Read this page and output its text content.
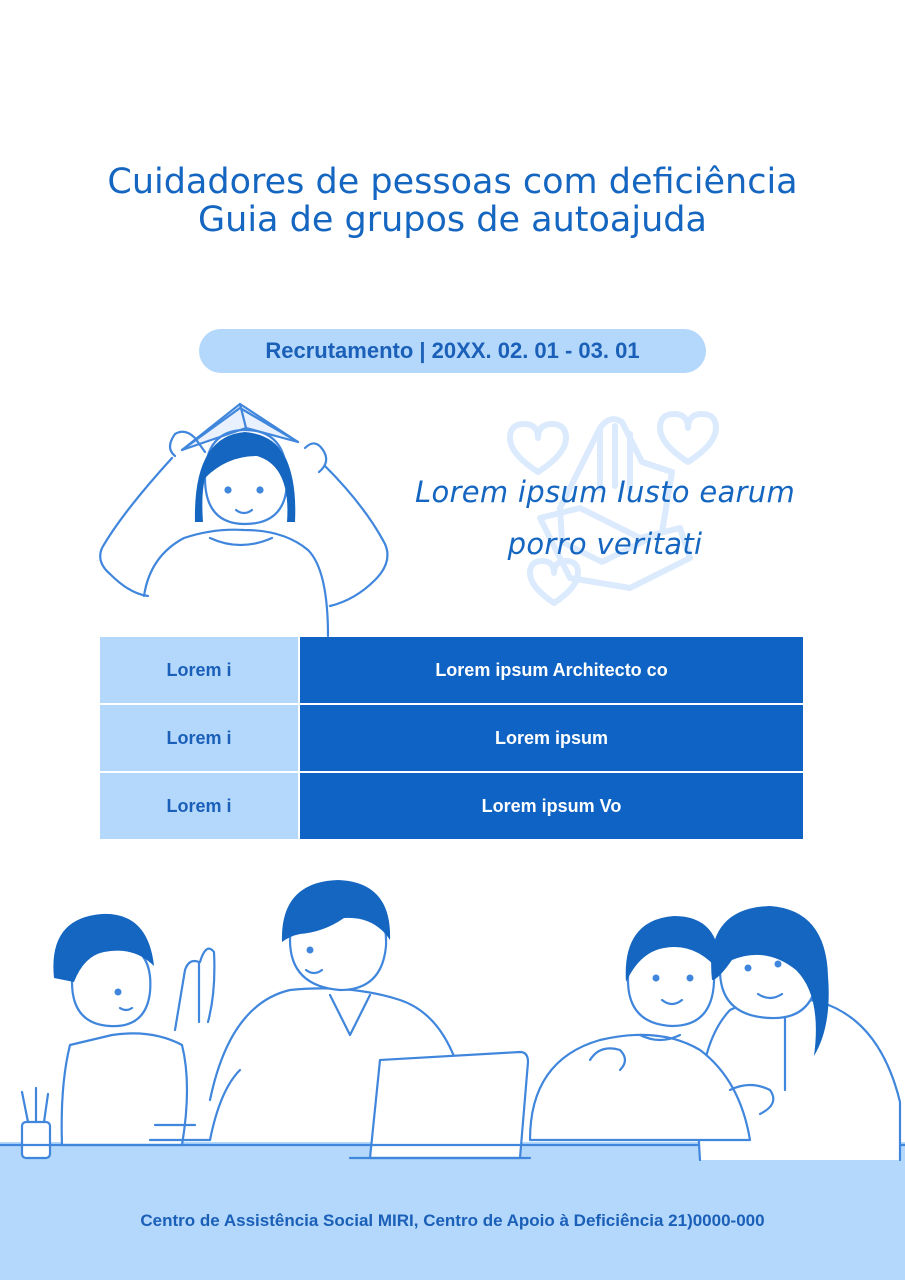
Cuidadores de pessoas com deficiência
Guia de grupos de autoajuda
Recrutamento | 20XX. 02. 01 - 03. 01
Lorem ipsum Iusto earum
porro veritati
Lorem i	Lorem ipsum Architecto co
Lorem i	Lorem ipsum
Lorem i	Lorem ipsum Vo
Centro de Assistência Social MIRI, Centro de Apoio à Deficiência 21)0000-000
